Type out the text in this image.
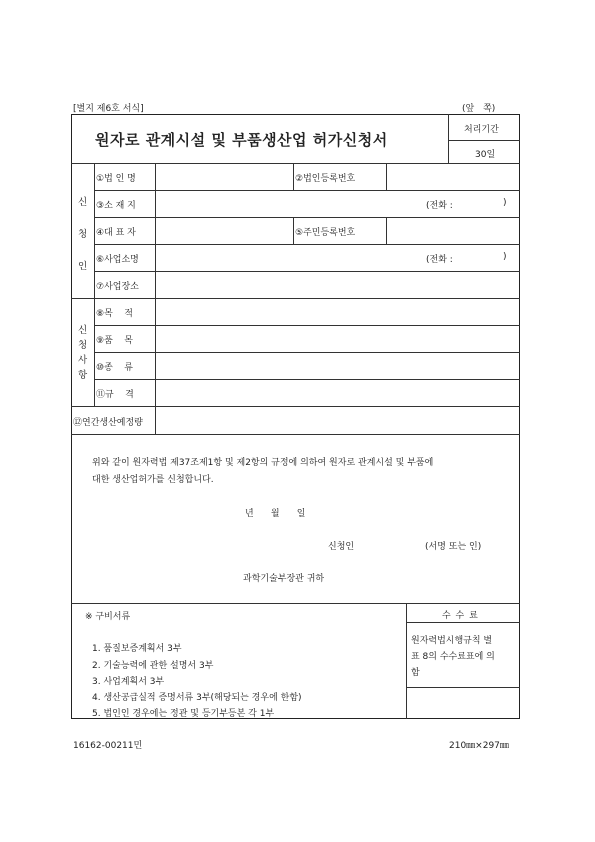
[별지 제6호 서식]	(앞 쪽)
원자로 관계시설 및 부품생산업 허가신청서
처리기간
30일
신
청
인
①법 인 명	②법인등록번호
③소 재 지	(전화 :	)
④대 표 자	⑤주민등록번호
⑥사업소명	(전화 :	)
⑦사업장소
신
청
사
항
⑧목    적
⑨품    목
⑩종    류
⑪규    격
⑫연간생산예정량
위와 같이 원자력법 제37조제1항 및 제2항의 규정에 의하여 원자로 관계시설 및 부품에
대한 생산업허가를 신청합니다.
년      월      일
신청인	(서명 또는 인)
과학기술부장관 귀하
※ 구비서류
1. 품질보증계획서 3부
2. 기술능력에 관한 설명서 3부
3. 사업계획서 3부
4. 생산공급실적 증명서류 3부(해당되는 경우에 한함)
5. 법인인 경우에는 정관 및 등기부등본 각 1부
수 수 료
원자력법시행규칙 별
표 8의 수수료표에 의
함
16162-00211민	210㎜×297㎜
